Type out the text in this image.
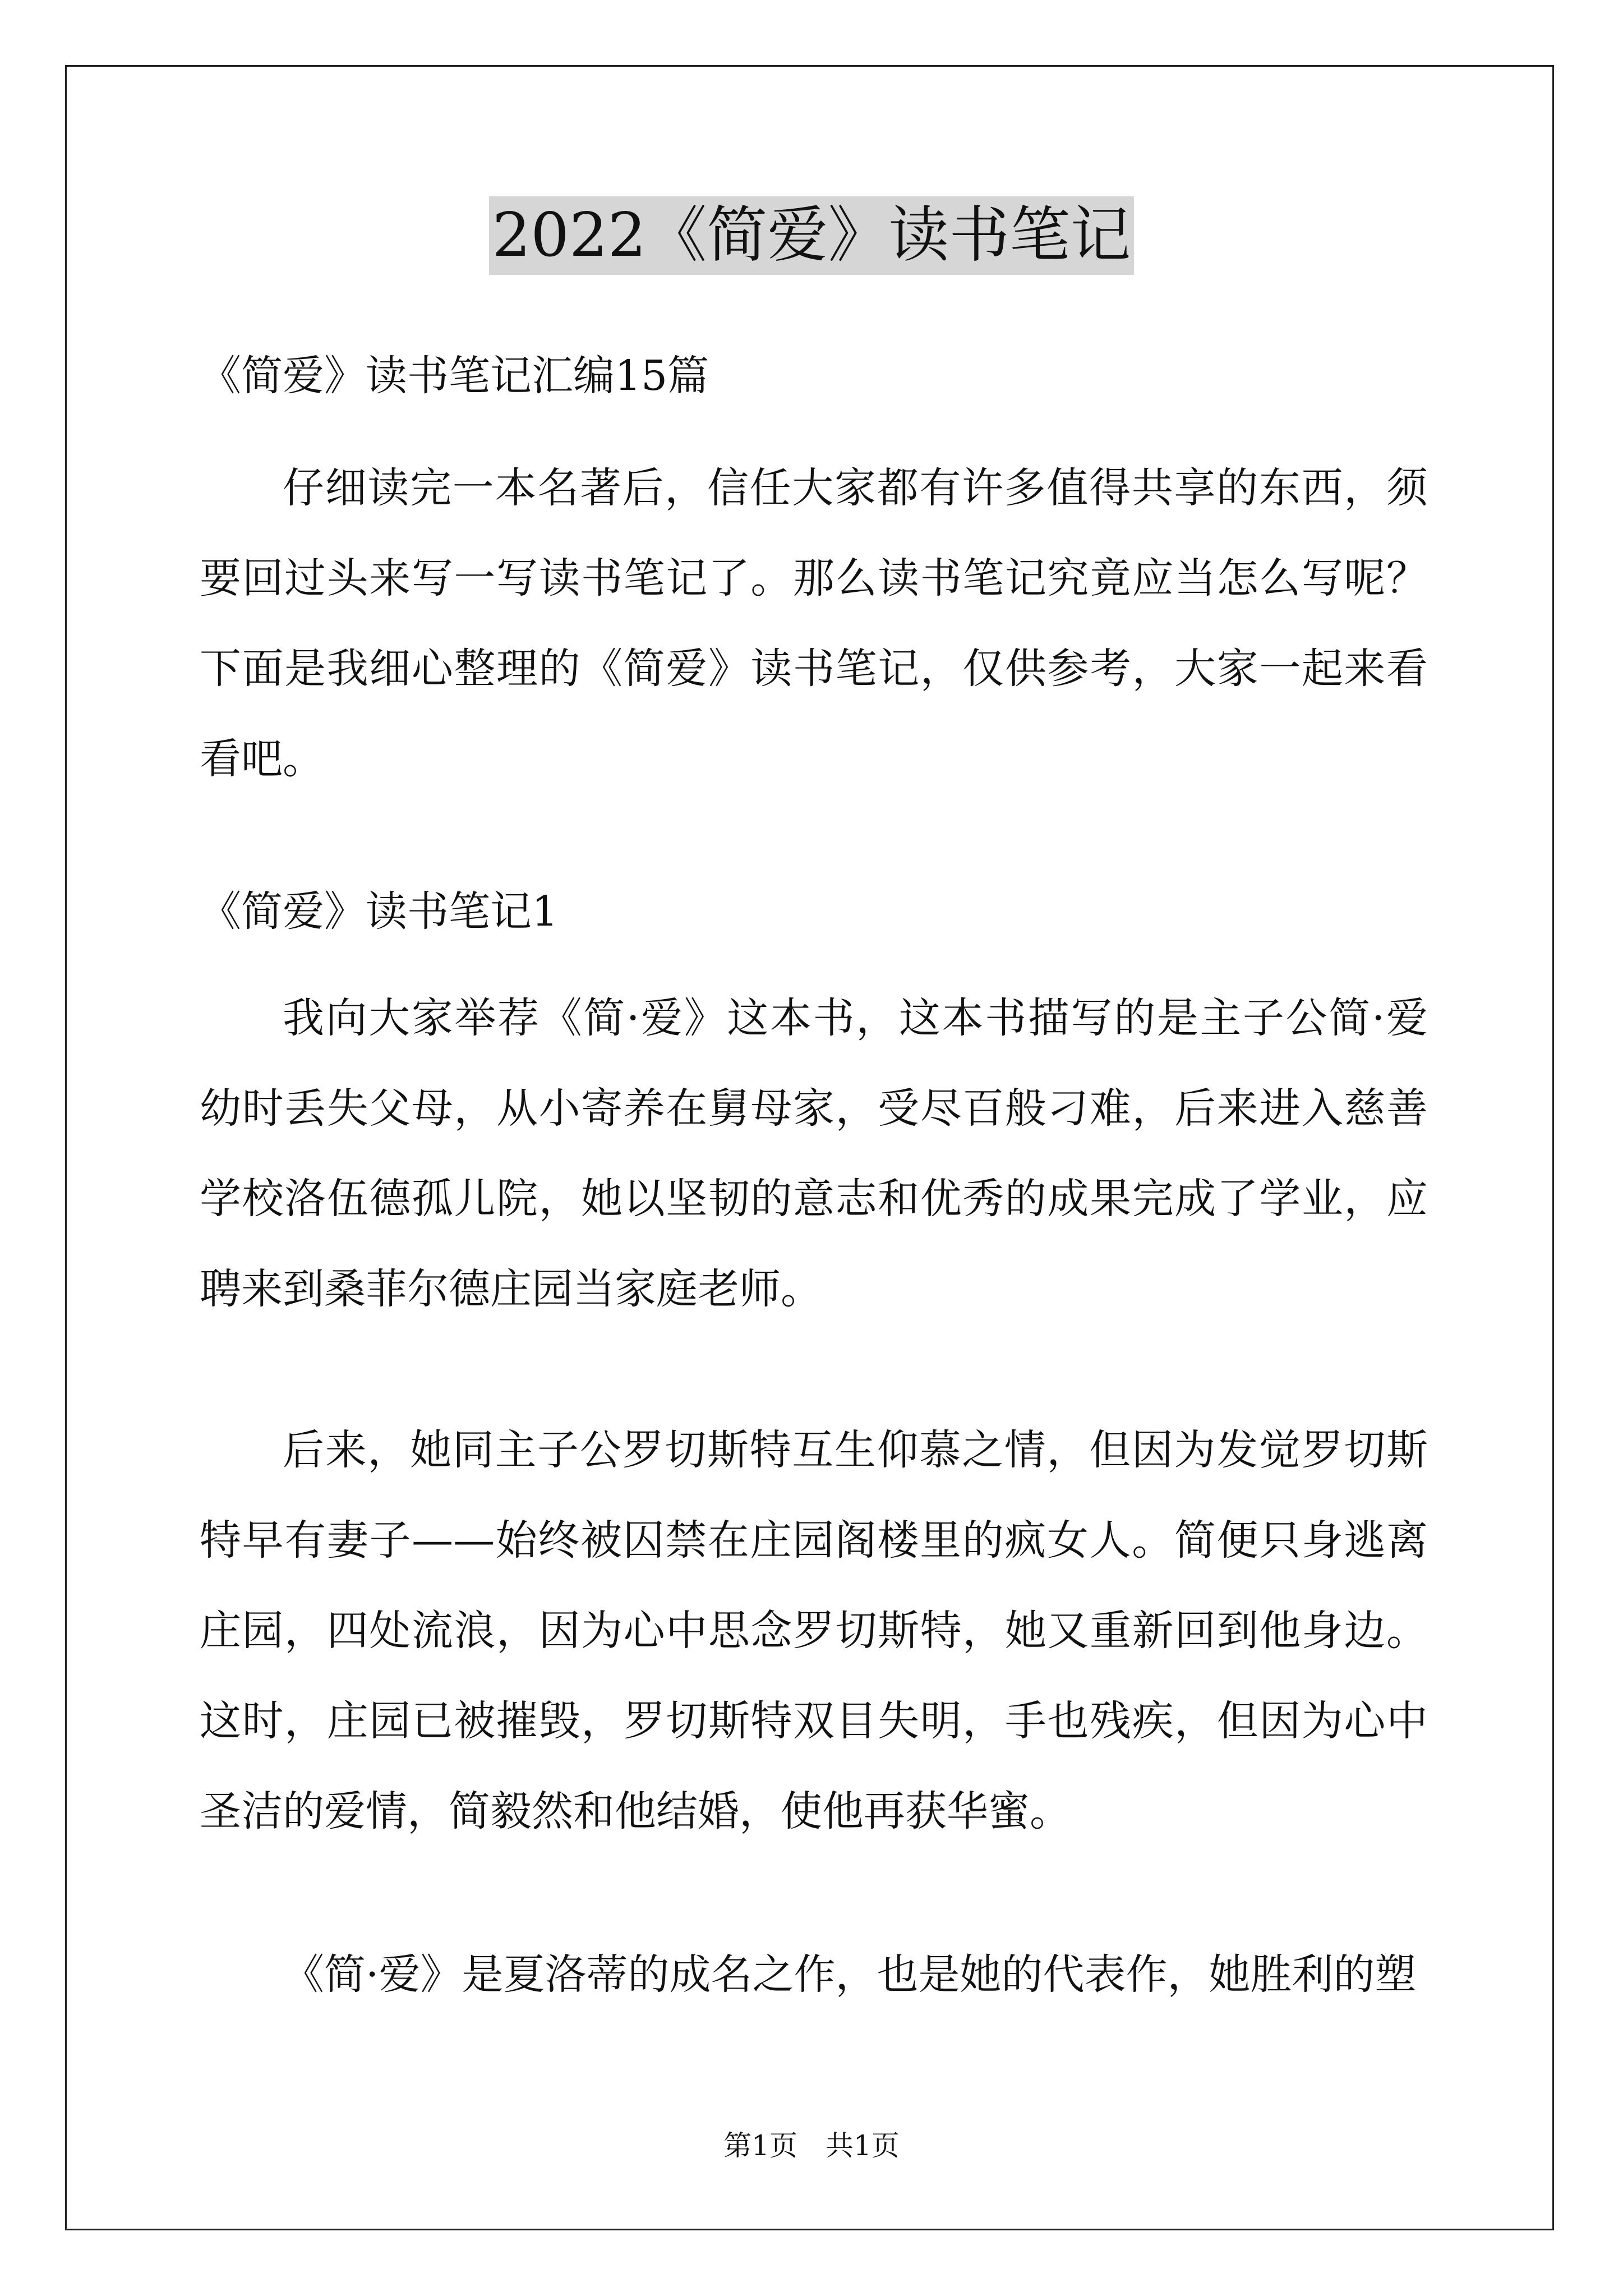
2022《简爱》读书笔记
《简爱》读书笔记汇编15篇

仔细读完一本名著后，信任大家都有许多值得共享的东西，须要回过头来写一写读书笔记了。那么读书笔记究竟应当怎么写呢？下面是我细心整理的《简爱》读书笔记，仅供参考，大家一起来看看吧。

《简爱》读书笔记1

我向大家举荐《简·爱》这本书，这本书描写的是主子公简·爱幼时丢失父母，从小寄养在舅母家，受尽百般刁难，后来进入慈善学校洛伍德孤儿院，她以坚韧的意志和优秀的成果完成了学业，应聘来到桑菲尔德庄园当家庭老师。

后来，她同主子公罗切斯特互生仰慕之情，但因为发觉罗切斯特早有妻子——始终被囚禁在庄园阁楼里的疯女人。简便只身逃离庄园，四处流浪，因为心中思念罗切斯特，她又重新回到他身边。这时，庄园已被摧毁，罗切斯特双目失明，手也残疾，但因为心中圣洁的爱情，简毅然和他结婚，使他再获华蜜。

《简·爱》是夏洛蒂的成名之作，也是她的代表作，她胜利的塑

第1页　共1页
